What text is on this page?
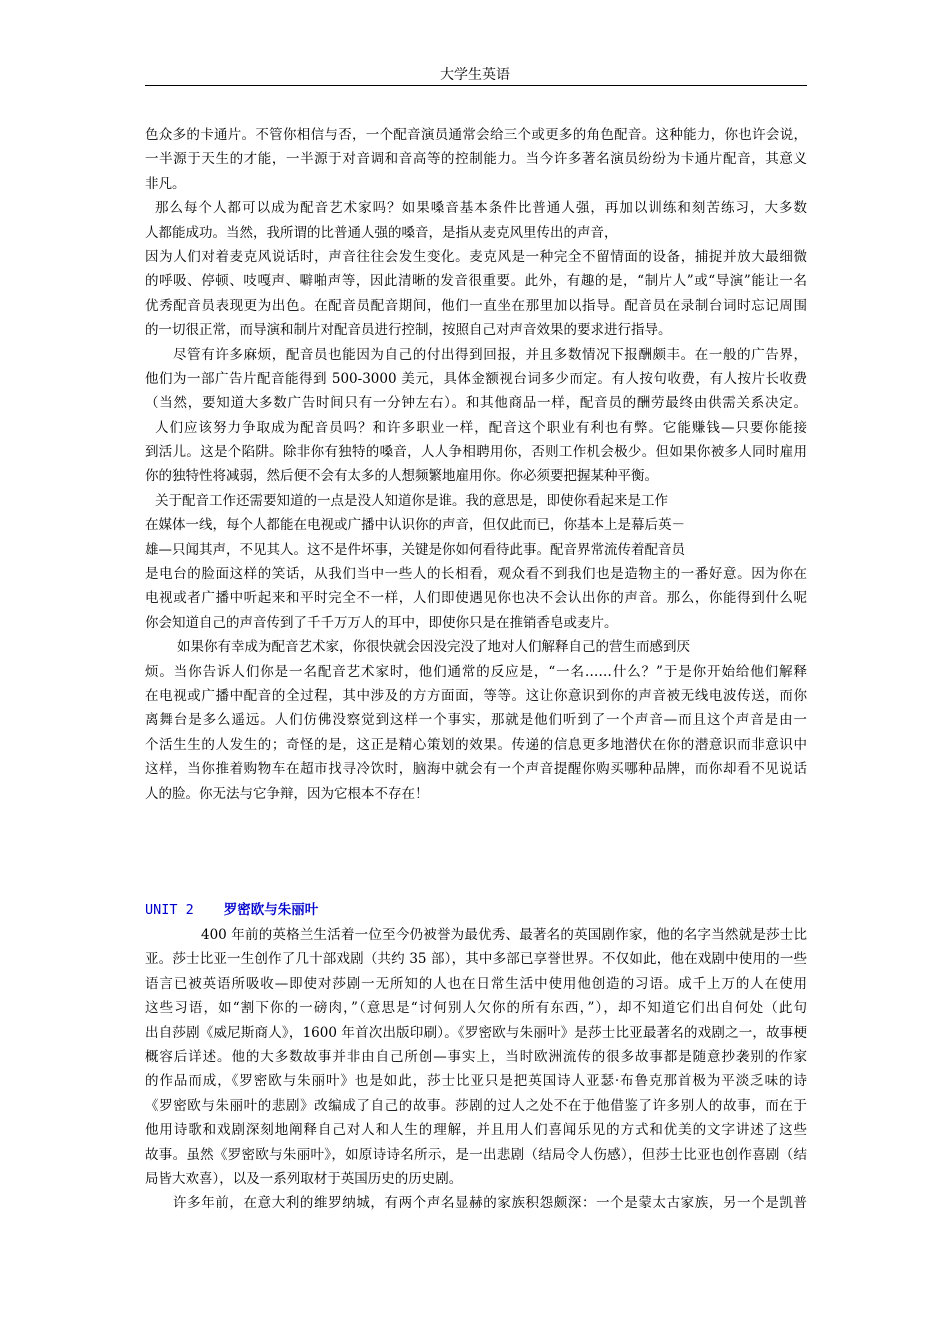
大学生英语
色众多的卡通片。不管你相信与否，一个配音演员通常会给三个或更多的角色配音。这种能力，你也许会说，
一半源于天生的才能，一半源于对音调和音高等的控制能力。当今许多著名演员纷纷为卡通片配音，其意义
非凡。
那么每个人都可以成为配音艺术家吗？如果嗓音基本条件比普通人强，再加以训练和刻苦练习，大多数
人都能成功。当然，我所谓的比普通人强的嗓音，是指从麦克风里传出的声音，
因为人们对着麦克风说话时，声音往往会发生变化。麦克风是一种完全不留情面的设备，捕捉并放大最细微
的呼吸、停顿、吱嘎声、噼啪声等，因此清晰的发音很重要。此外，有趣的是，“制片人”或“导演”能让一名
优秀配音员表现更为出色。在配音员配音期间，他们一直坐在那里加以指导。配音员在录制台词时忘记周围
的一切很正常，而导演和制片对配音员进行控制，按照自己对声音效果的要求进行指导。
尽管有许多麻烦，配音员也能因为自己的付出得到回报，并且多数情况下报酬颇丰。在一般的广告界，
他们为一部广告片配音能得到 500-3000 美元，具体金额视台词多少而定。有人按句收费，有人按片长收费
（当然，要知道大多数广告时间只有一分钟左右）。和其他商品一样，配音员的酬劳最终由供需关系决定。
人们应该努力争取成为配音员吗？和许多职业一样，配音这个职业有利也有弊。它能赚钱—只要你能接
到活儿。这是个陷阱。除非你有独特的嗓音，人人争相聘用你，否则工作机会极少。但如果你被多人同时雇用
你的独特性将减弱，然后便不会有太多的人想频繁地雇用你。你必须要把握某种平衡。
关于配音工作还需要知道的一点是没人知道你是谁。我的意思是，即使你看起来是工作
在媒体一线，每个人都能在电视或广播中认识你的声音，但仅此而已，你基本上是幕后英－
雄—只闻其声，不见其人。这不是件坏事，关键是你如何看待此事。配音界常流传着配音员
是电台的脸面这样的笑话，从我们当中一些人的长相看，观众看不到我们也是造物主的一番好意。因为你在
电视或者广播中听起来和平时完全不一样，人们即使遇见你也决不会认出你的声音。那么，你能得到什么呢
你会知道自己的声音传到了千千万万人的耳中，即使你只是在推销香皂或麦片。
如果你有幸成为配音艺术家，你很快就会因没完没了地对人们解释自己的营生而感到厌
烦。当你告诉人们你是一名配音艺术家时，他们通常的反应是，“一名……什么？”于是你开始给他们解释
在电视或广播中配音的全过程，其中涉及的方方面面，等等。这让你意识到你的声音被无线电波传送，而你
离舞台是多么遥远。人们仿佛没察觉到这样一个事实，那就是他们听到了一个声音—而且这个声音是由一
个活生生的人发生的；奇怪的是，这正是精心策划的效果。传递的信息更多地潜伏在你的潜意识而非意识中
这样，当你推着购物车在超市找寻冷饮时，脑海中就会有一个声音提醒你购买哪种品牌，而你却看不见说话
人的脸。你无法与它争辩，因为它根本不存在！
UNIT 2 罗密欧与朱丽叶
400 年前的英格兰生活着一位至今仍被誉为最优秀、最著名的英国剧作家，他的名字当然就是莎士比
亚。莎士比亚一生创作了几十部戏剧（共约 35 部），其中多部已享誉世界。不仅如此，他在戏剧中使用的一些
语言已被英语所吸收—即使对莎剧一无所知的人也在日常生活中使用他创造的习语。成千上万的人在使用
这些习语，如“割下你的一磅肉，”（意思是“讨何别人欠你的所有东西，”），却不知道它们出自何处（此句
出自莎剧《威尼斯商人》，1600 年首次出版印刷）。《罗密欧与朱丽叶》是莎士比亚最著名的戏剧之一，故事梗
概容后详述。他的大多数故事并非由自己所创—事实上，当时欧洲流传的很多故事都是随意抄袭别的作家
的作品而成，《罗密欧与朱丽叶》也是如此，莎士比亚只是把英国诗人亚瑟·布鲁克那首极为平淡乏味的诗
《罗密欧与朱丽叶的悲剧》改编成了自己的故事。莎剧的过人之处不在于他借鉴了许多别人的故事，而在于
他用诗歌和戏剧深刻地阐释自己对人和人生的理解，并且用人们喜闻乐见的方式和优美的文字讲述了这些
故事。虽然《罗密欧与朱丽叶》，如原诗诗名所示，是一出悲剧（结局令人伤感），但莎士比亚也创作喜剧（结
局皆大欢喜），以及一系列取材于英国历史的历史剧。
许多年前，在意大利的维罗纳城，有两个声名显赫的家族积怨颇深：一个是蒙太古家族，另一个是凯普
